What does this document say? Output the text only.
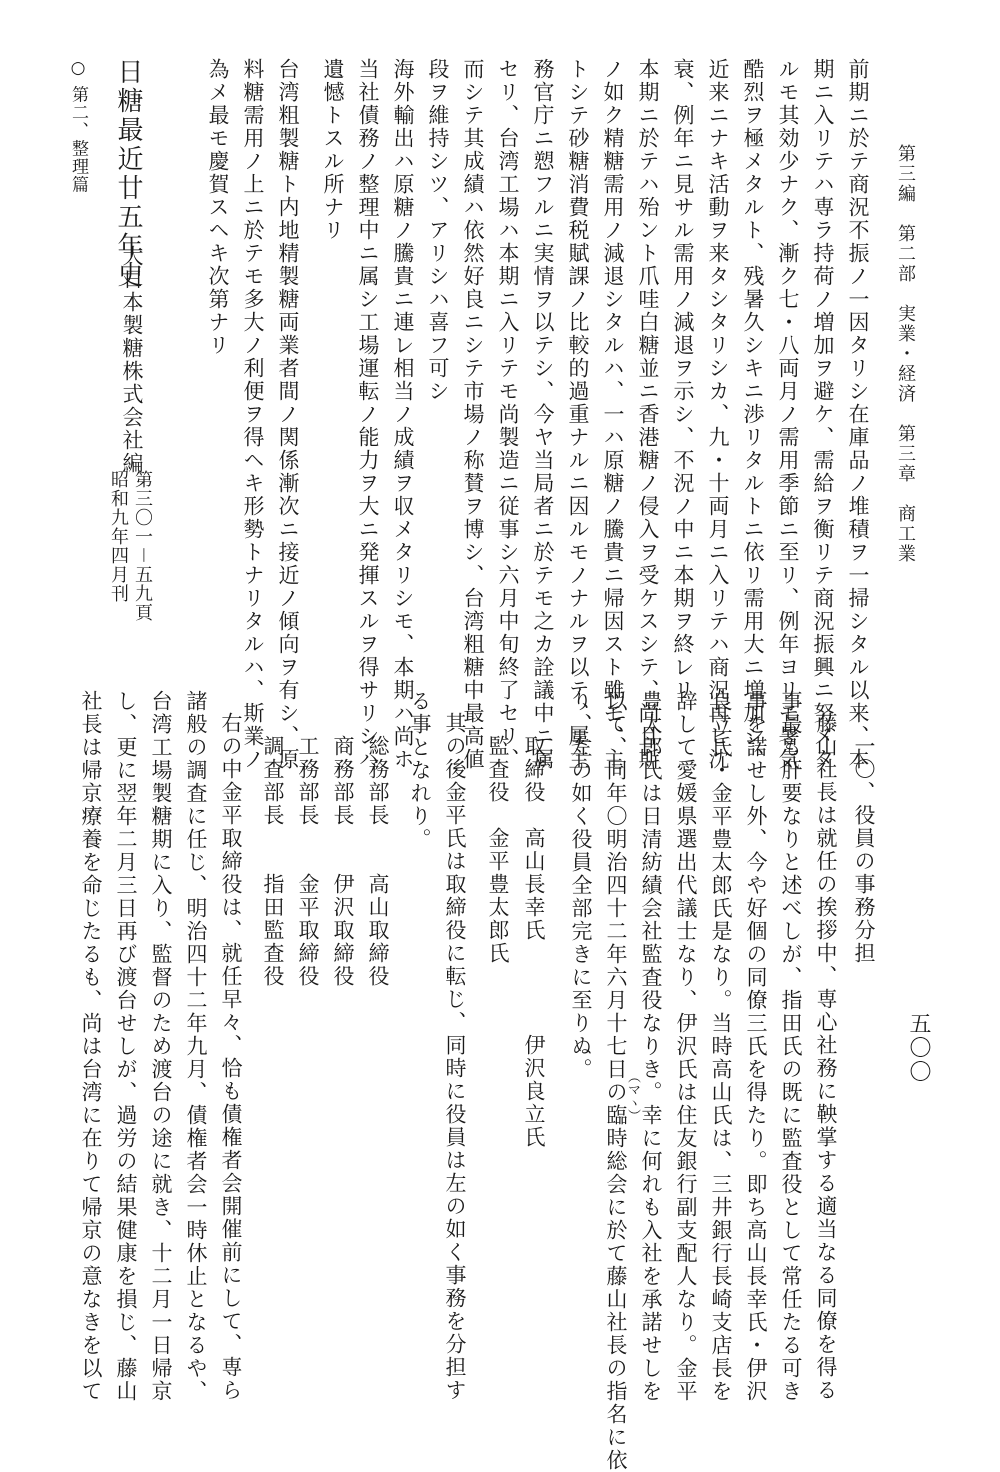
第三編　第二部　実業・経済　第三章　商工業
五〇〇
前期ニ於テ商況不振ノ一因タリシ在庫品ノ堆積ヲ一掃シタル以来、本
期ニ入リテハ専ラ持荷ノ増加ヲ避ケ、需給ヲ衡リテ商況振興ニ努メタ
ルモ其効少ナク、漸ク七・八両月ノ需用季節ニ至リ、例年ヨリモ暑気
酷烈ヲ極メタルト、残暑久シキニ渉リタルトニ依リ需用大ニ増加シ、
近来ニナキ活動ヲ来タシタリシカ、九・十両月ニ入リテハ商況再ヒ沈
衰、例年ニ見サル需用ノ減退ヲ示シ、不況ノ中ニ本期ヲ終レリ
本期ニ於テハ殆ント爪哇白糖並ニ香港糖ノ侵入ヲ受ケスシテ、尚且斯
ノ如ク精糖需用ノ減退シタルハ、一ハ原糖ノ騰貴ニ帰因スト雖モ、主
トシテ砂糖消費税賦課ノ比較的過重ナルニ因ルモノナルヲ以テ、屢主
務官庁ニ愬フルニ実情ヲ以テシ、今ヤ当局者ニ於テモ之カ詮議中ニ属
セリ、台湾工場ハ本期ニ入リテモ尚製造ニ従事シ六月中旬終了セリ、
而シテ其成績ハ依然好良ニシテ市場ノ称賛ヲ博シ、台湾粗糖中最高値
段ヲ維持シツ、アリシハ喜フ可シ
海外輸出ハ原糖ノ騰貴ニ連レ相当ノ成績ヲ収メタリシモ、本期ハ尚ホ
当社債務ノ整理中ニ属シ工場運転ノ能力ヲ大ニ発揮スルヲ得サリシハ
遺憾トスル所ナリ
台湾粗製糖ト内地精製糖両業者間ノ関係漸次ニ接近ノ傾向ヲ有シ、原
料糖需用ノ上ニ於テモ多大ノ利便ヲ得ヘキ形勢トナリタルハ、斯業ノ
為メ最モ慶賀スヘキ次第ナリ
日糖最近廿五年史
大日本製糖株式会社編
第三〇一－五九頁
昭和九年四月刊
○ 第二、整理篇
一〇、役員の事務分担
藤山社長は就任の挨拶中、専心社務に鞅掌する適当なる同僚を得る
事最も肝要なりと述べしが、指田氏の既に監査役として常任たる可き
事を諾せし外、今や好個の同僚三氏を得たり。即ち高山長幸氏・伊沢
良立氏・金平豊太郎氏是なり。当時高山氏は、三井銀行長崎支店長を
辞して愛媛県選出代議士なり、伊沢氏は住友銀行副支配人なり。金平
豊太郎氏は日清紡績会社監査役なりき。幸に何れも入社を承諾せしを
以て、同年〇明治四十二年六月十七日の臨時総会に於て藤山社長の指名に依
り、左の如く役員全部完きに至りぬ。
（マヽ）
取締役　高山長幸氏　　　　伊沢良立氏
監査役　金平豊太郎氏
其の後金平氏は取締役に転じ、同時に役員は左の如く事務を分担す
る事となれり。
総務部長　　高山取締役
商務部長　　伊沢取締役
工務部長　　金平取締役
調査部長　　指田監査役
右の中金平取締役は、就任早々、恰も債権者会開催前にして、専ら
諸般の調査に任じ、明治四十二年九月、債権者会一時休止となるや、
台湾工場製糖期に入り、監督のため渡台の途に就き、十二月一日帰京
し、更に翌年二月三日再び渡台せしが、過労の結果健康を損じ、藤山
社長は帰京療養を命じたるも、尚は台湾に在りて帰京の意なきを以て
